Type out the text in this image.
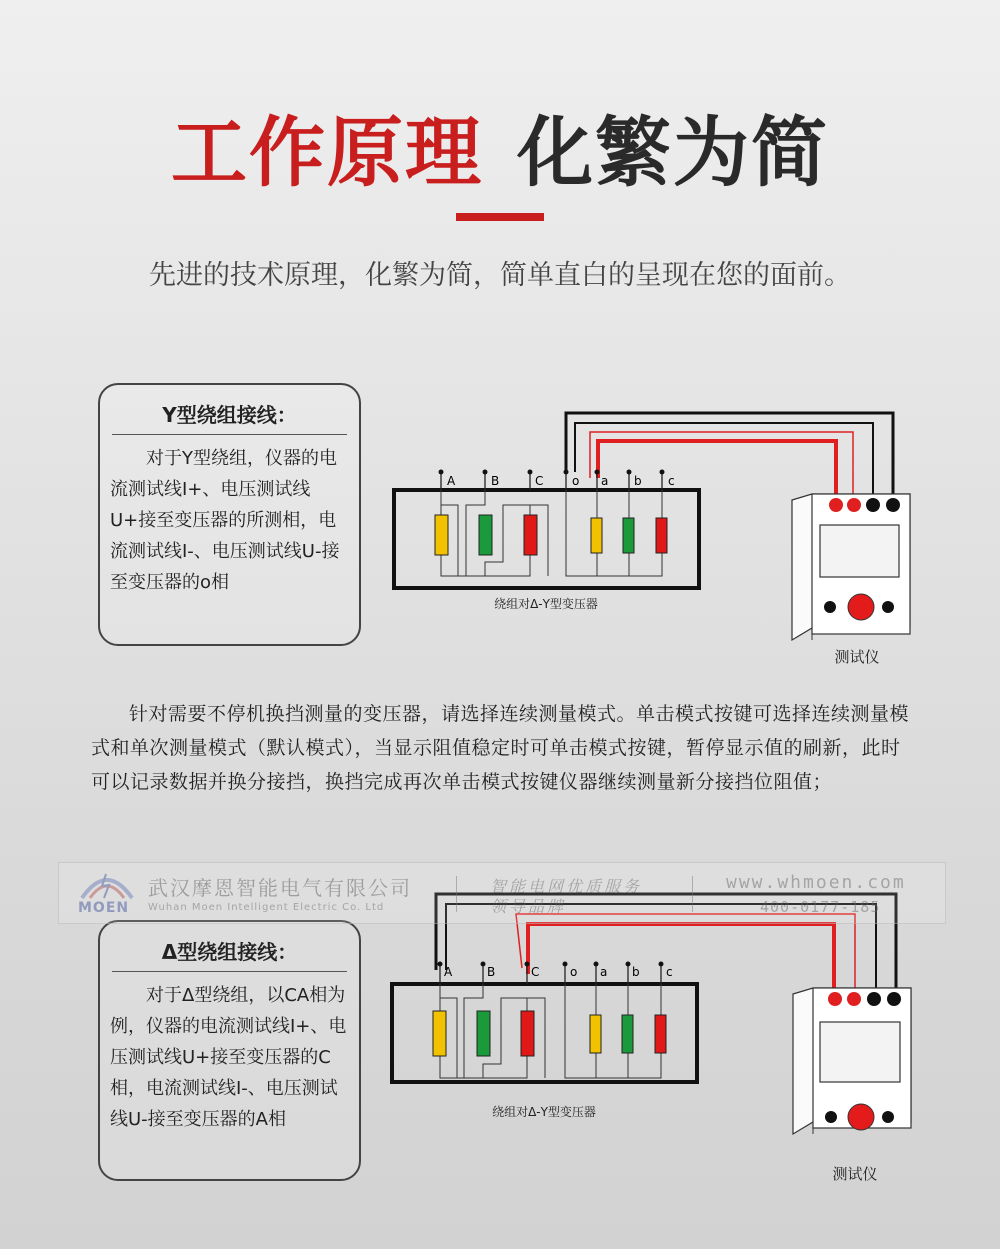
工作原理 化繁为简

先进的技术原理，化繁为简，简单直白的呈现在您的面前。

Y型绕组接线：
对于Y型绕组，仪器的电流测试线I+、电压测试线U+接至变压器的所测相，电流测试线I-、电压测试线U-接至变压器的o相
A	B	C o a b c
绕组对Δ-Y型变压器
测试仪

针对需要不停机换挡测量的变压器，请选择连续测量模式。单击模式按键可选择连续测量模式和单次测量模式（默认模式），当显示阻值稳定时可单击模式按键，暂停显示值的刷新，此时可以记录数据并换分接挡，换挡完成再次单击模式按键仪器继续测量新分接挡位阻值；

Δ型绕组接线：
对于Δ型绕组，以CA相为例，仪器的电流测试线I+、电压测试线U+接至变压器的C相，电流测试线I-、电压测试线U-接至变压器的A相
A	B	C	o a b c
绕组对Δ-Y型变压器
测试仪
MOEN
武汉摩恩智能电气有限公司
Wuhan Moen Intelligent Electric Co. Ltd
智能电网优质服务
领导品牌
www.whmoen.com
400-0177-185
